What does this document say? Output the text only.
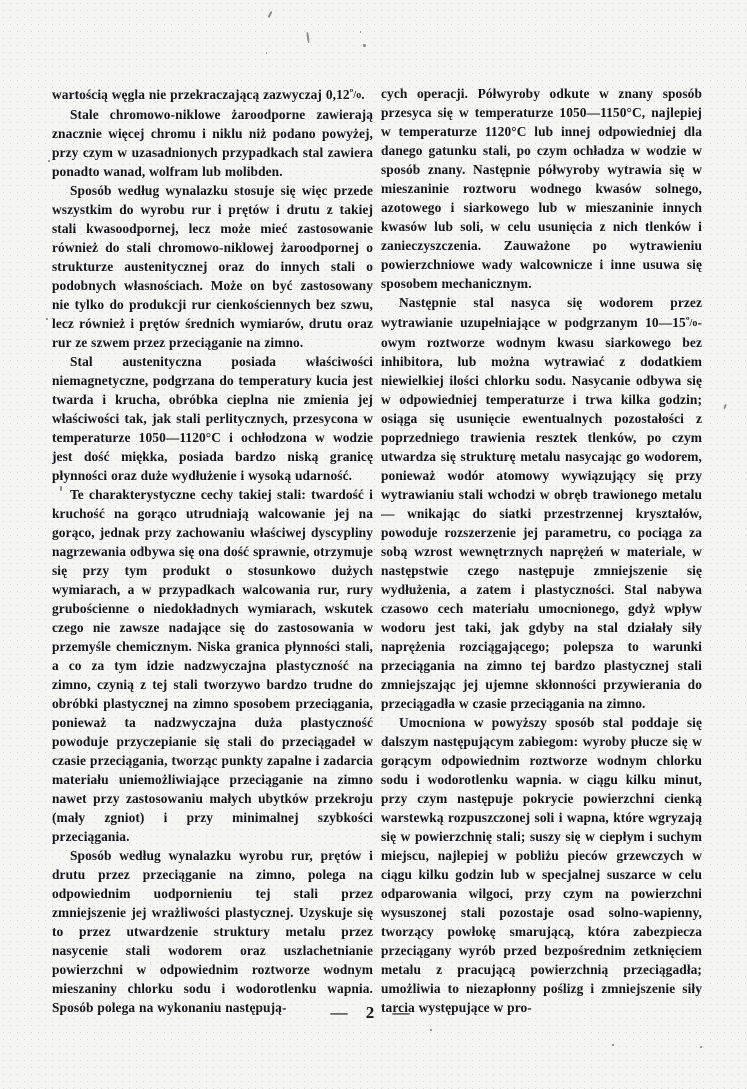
wartością węgla nie przekraczającą zazwyczaj $0,12^º/o$.

Stale chromowo-niklowe żaroodporne zawierają znacznie więcej chromu i niklu niż podano powyżej, przy czym w uzasadnionych przypadkach stal zawiera ponadto wanad, wolfram lub molibden.

Sposób według wynalazku stosuje się więc przede wszystkim do wyrobu rur i prętów i drutu z takiej stali kwasoodpornej, lecz może mieć zastosowanie również do stali chromowo-niklowej żaroodpornej o strukturze austenitycznej oraz do innych stali o podobnych własnościach. Może on być zastosowany nie tylko do produkcji rur cienkościennych bez szwu, lecz również i prętów średnich wymiarów, drutu oraz rur ze szwem przez przeciąganie na zimno.

Stal austenityczna posiada właściwości niemagnetyczne, podgrzana do temperatury kucia jest twarda i krucha, obróbka cieplna nie zmienia jej właściwości tak, jak stali perlitycznych, przesycona w temperaturze 1050—1120°C i ochłodzona w wodzie jest dość miękka, posiada bardzo niską granicę płynności oraz duże wydłużenie i wysoką udarność.

Te charakterystyczne cechy takiej stali: twardość i kruchość na gorąco utrudniają walcowanie jej na gorąco, jednak przy zachowaniu właściwej dyscypliny nagrzewania odbywa się ona dość sprawnie, otrzymuje się przy tym produkt o stosunkowo dużych wymiarach, a w przypadkach walcowania rur, rury grubościenne o niedokładnych wymiarach, wskutek czego nie zawsze nadające się do zastosowania w przemyśle chemicznym. Niska granica płynności stali, a co za tym idzie nadzwyczajna plastyczność na zimno, czynią z tej stali tworzywo bardzo trudne do obróbki plastycznej na zimno sposobem przeciągania, ponieważ ta nadzwyczajna duża plastyczność powoduje przyczepianie się stali do przeciągadeł w czasie przeciągania, tworząc punkty zapalne i zadarcia materiału uniemożliwiające przeciąganie na zimno nawet przy zastosowaniu małych ubytków przekroju (mały zgniot) i przy minimalnej szybkości przeciągania.

Sposób według wynalazku wyrobu rur, prętów i drutu przez przeciąganie na zimno, polega na odpowiednim uodpornieniu tej stali przez zmniejszenie jej wrażliwości plastycznej. Uzyskuje się to przez utwardzenie struktury metalu przez nasycenie stali wodorem oraz uszlachetnianie powierzchni w odpowiednim roztworze wodnym mieszaniny chlorku sodu i wodorotlenku wapnia. Sposób polega na wykonaniu następują-

cych operacji. Półwyroby odkute w znany sposób przesyca się w temperaturze 1050—1150°C, najlepiej w temperaturze 1120°C lub innej odpowiedniej dla danego gatunku stali, po czym ochładza w wodzie w sposób znany. Następnie półwyroby wytrawia się w mieszaninie roztworu wodnego kwasów solnego, azotowego i siarkowego lub w mieszaninie innych kwasów lub soli, w celu usunięcia z nich tlenków i zanieczyszczenia. Zauważone po wytrawieniu powierzchniowe wady walcownicze i inne usuwa się sposobem mechanicznym.

Następnie stal nasyca się wodorem przez wytrawianie uzupełniające w podgrzanym $10—15^º/o$-owym roztworze wodnym kwasu siarkowego bez inhibitora, lub można wytrawiać z dodatkiem niewielkiej ilości chlorku sodu. Nasycanie odbywa się w odpowiedniej temperaturze i trwa kilka godzin; osiąga się usunięcie ewentualnych pozostałości z poprzedniego trawienia resztek tlenków, po czym utwardza się strukturę metalu nasycając go wodorem, ponieważ wodór atomowy wywiązujący się przy wytrawianiu stali wchodzi w obręb trawionego metalu — wnikając do siatki przestrzennej kryształów, powoduje rozszerzenie jej parametru, co pociąga za sobą wzrost wewnętrznych naprężeń w materiale, w następstwie czego następuje zmniejszenie się wydłużenia, a zatem i plastyczności. Stal nabywa czasowo cech materiału umocnionego, gdyż wpływ wodoru jest taki, jak gdyby na stal działały siły naprężenia rozciągającego; polepsza to warunki przeciągania na zimno tej bardzo plastycznej stali zmniejszając jej ujemne skłonności przywierania do przeciągadła w czasie przeciągania na zimno.

Umocniona w powyższy sposób stal poddaje się dalszym następującym zabiegom: wyroby płucze się w gorącym odpowiednim roztworze wodnym chlorku sodu i wodorotlenku wapnia. w ciągu kilku minut, przy czym następuje pokrycie powierzchni cienką warstewką rozpuszczonej soli i wapna, które wgryzają się w powierzchnię stali; suszy się w ciepłym i suchym miejscu, najlepiej w pobliżu pieców grzewczych w ciągu kilku godzin lub w specjalnej suszarce w celu odparowania wilgoci, przy czym na powierzchni wysuszonej stali pozostaje osad solno-wapienny, tworzący powłokę smarującą, która zabezpiecza przeciągany wyrób przed bezpośrednim zetknięciem metalu z pracującą powierzchnią przeciągadła; umożliwia to niezapłonny poślizg i zmniejszenie siły tarcia występujące w pro-

— 2 —
